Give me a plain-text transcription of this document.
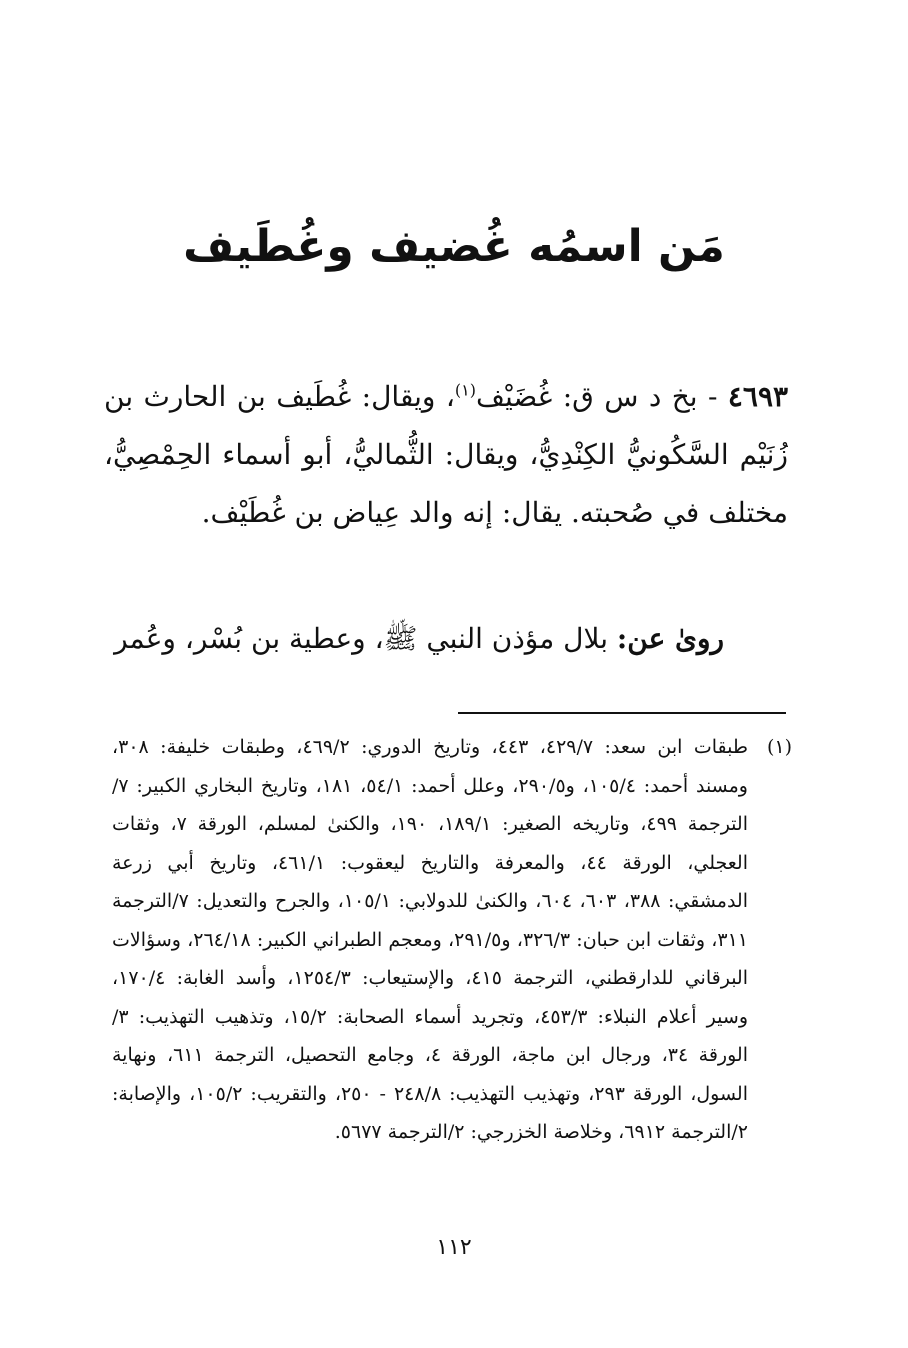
مَن اسمُه غُضيف وغُطَيف

٤٦٩٣ - بخ د س ق: غُضَيْف$^{(١)}$، ويقال: غُطَيف بن الحارث بن زُنَيْم السَّكُونيُّ الكِنْدِيُّ، ويقال: الثُّماليُّ، أبو أسماء الحِمْصِيُّ، مختلف في صُحبته. يقال: إنه والد عِياض بن غُطَيْف.

روىٰ عن: بلال مؤذن النبي ﷺ، وعطية بن بُسْر، وعُمر

(١)
طبقات ابن سعد: ٤٢٩/٧، ٤٤٣، وتاريخ الدوري: ٤٦٩/٢، وطبقات خليفة: ٣٠٨، ومسند أحمد: ١٠٥/٤، و٢٩٠/٥، وعلل أحمد: ٥٤/١، ١٨١، وتاريخ البخاري الكبير: ٧/الترجمة ٤٩٩، وتاريخه الصغير: ١٨٩/١، ١٩٠، والكنىٰ لمسلم، الورقة ٧، وثقات العجلي، الورقة ٤٤، والمعرفة والتاريخ ليعقوب: ٤٦١/١، وتاريخ أبي زرعة الدمشقي: ٣٨٨، ٦٠٣، ٦٠٤، والكنىٰ للدولابي: ١٠٥/١، والجرح والتعديل: ٧/الترجمة ٣١١، وثقات ابن حبان: ٣٢٦/٣، و٢٩١/٥، ومعجم الطبراني الكبير: ٢٦٤/١٨، وسؤالات البرقاني للدارقطني، الترجمة ٤١٥، والإستيعاب: ١٢٥٤/٣، وأسد الغابة: ١٧٠/٤، وسير أعلام النبلاء: ٤٥٣/٣، وتجريد أسماء الصحابة: ١٥/٢، وتذهيب التهذيب: ٣/الورقة ٣٤، ورجال ابن ماجة، الورقة ٤، وجامع التحصيل، الترجمة ٦١١، ونهاية السول، الورقة ٢٩٣، وتهذيب التهذيب: ٢٤٨/٨ - ٢٥٠، والتقريب: ١٠٥/٢، والإصابة: ٢/الترجمة ٦٩١٢، وخلاصة الخزرجي: ٢/الترجمة ٥٦٧٧.
١١٢
